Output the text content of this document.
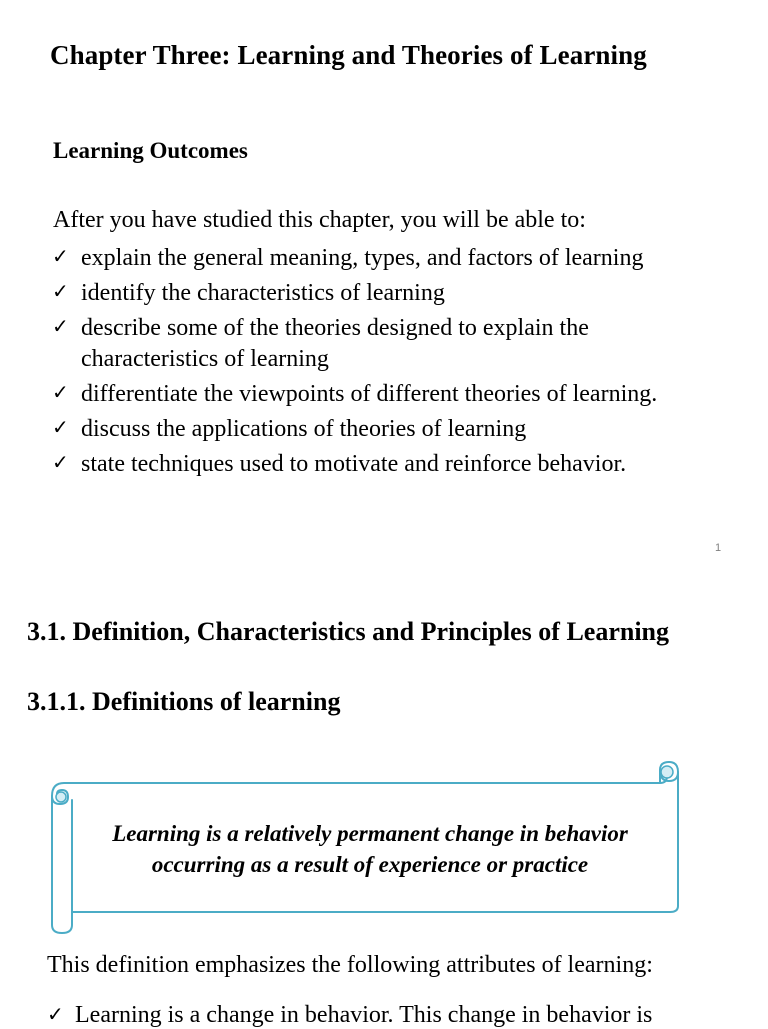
Chapter Three: Learning and Theories of Learning
Learning Outcomes
After you have studied this chapter, you will be able to:
✓ explain the general meaning, types, and factors of learning
✓ identify the characteristics of learning
✓ describe some of the theories designed to explain the
characteristics of learning
✓ differentiate the viewpoints of different theories of learning.
✓ discuss the applications of theories of learning
✓ state techniques used to motivate and reinforce behavior.
1
3.1. Definition, Characteristics and Principles of Learning
3.1.1. Definitions of learning
Learning is a relatively permanent change in behavior
occurring as a result of experience or practice
This definition emphasizes the following attributes of learning:
✓ Learning is a change in behavior. This change in behavior is
